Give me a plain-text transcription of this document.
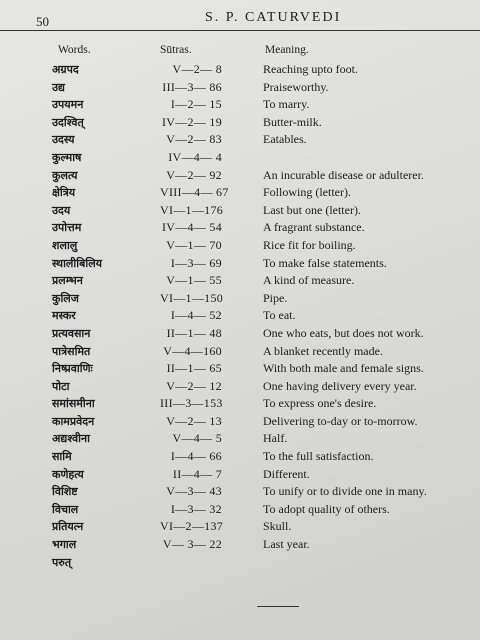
50	S. P. CATURVEDI
Words.	Sūtras.	Meaning.
अग्रपद	V—2— 8	Reaching upto foot.
उद्य	III—3— 86	Praiseworthy.
उपयमन	I—2— 15	To marry.
उदश्वित्	IV—2— 19	Butter-milk.
उदस्य	V—2— 83	Eatables.
कुल्माष	IV—4— 4
कुलत्य	V—2— 92	An incurable disease or adulterer.
क्षेत्रिय	VIII—4— 67	Following (letter).
उदय	VI—1—176	Last but one (letter).
उपोत्तम	IV—4— 54	A fragrant substance.
शलालु	V—1— 70	Rice fit for boiling.
स्थालीबिलिय	I—3— 69	To make false statements.
प्रलम्भन	V—1— 55	A kind of measure.
कुलिज	VI—1—150	Pipe.
मस्कर	I—4— 52	To eat.
प्रत्यवसान	II—1— 48	One who eats, but does not work.
पात्रेसमित	V—4—160	A blanket recently made.
निष्प्रवाणिः	II—1— 65	With both male and female signs.
पोटा	V—2— 12	One having delivery every year.
समांसमीना	III—3—153	To express one's desire.
कामप्रवेदन	V—2— 13	Delivering to-day or to-morrow.
अद्यश्वीना	V—4— 5	Half.
सामि	I—4— 66	To the full satisfaction.
कणेहत्य	II—4— 7	Different.
विशिष्ट	V—3— 43	To unify or to divide one in many.
विचाल	I—3— 32	To adopt quality of others.
प्रतियत्न	VI—2—137	Skull.
भगाल	V— 3— 22	Last year.
परुत्
